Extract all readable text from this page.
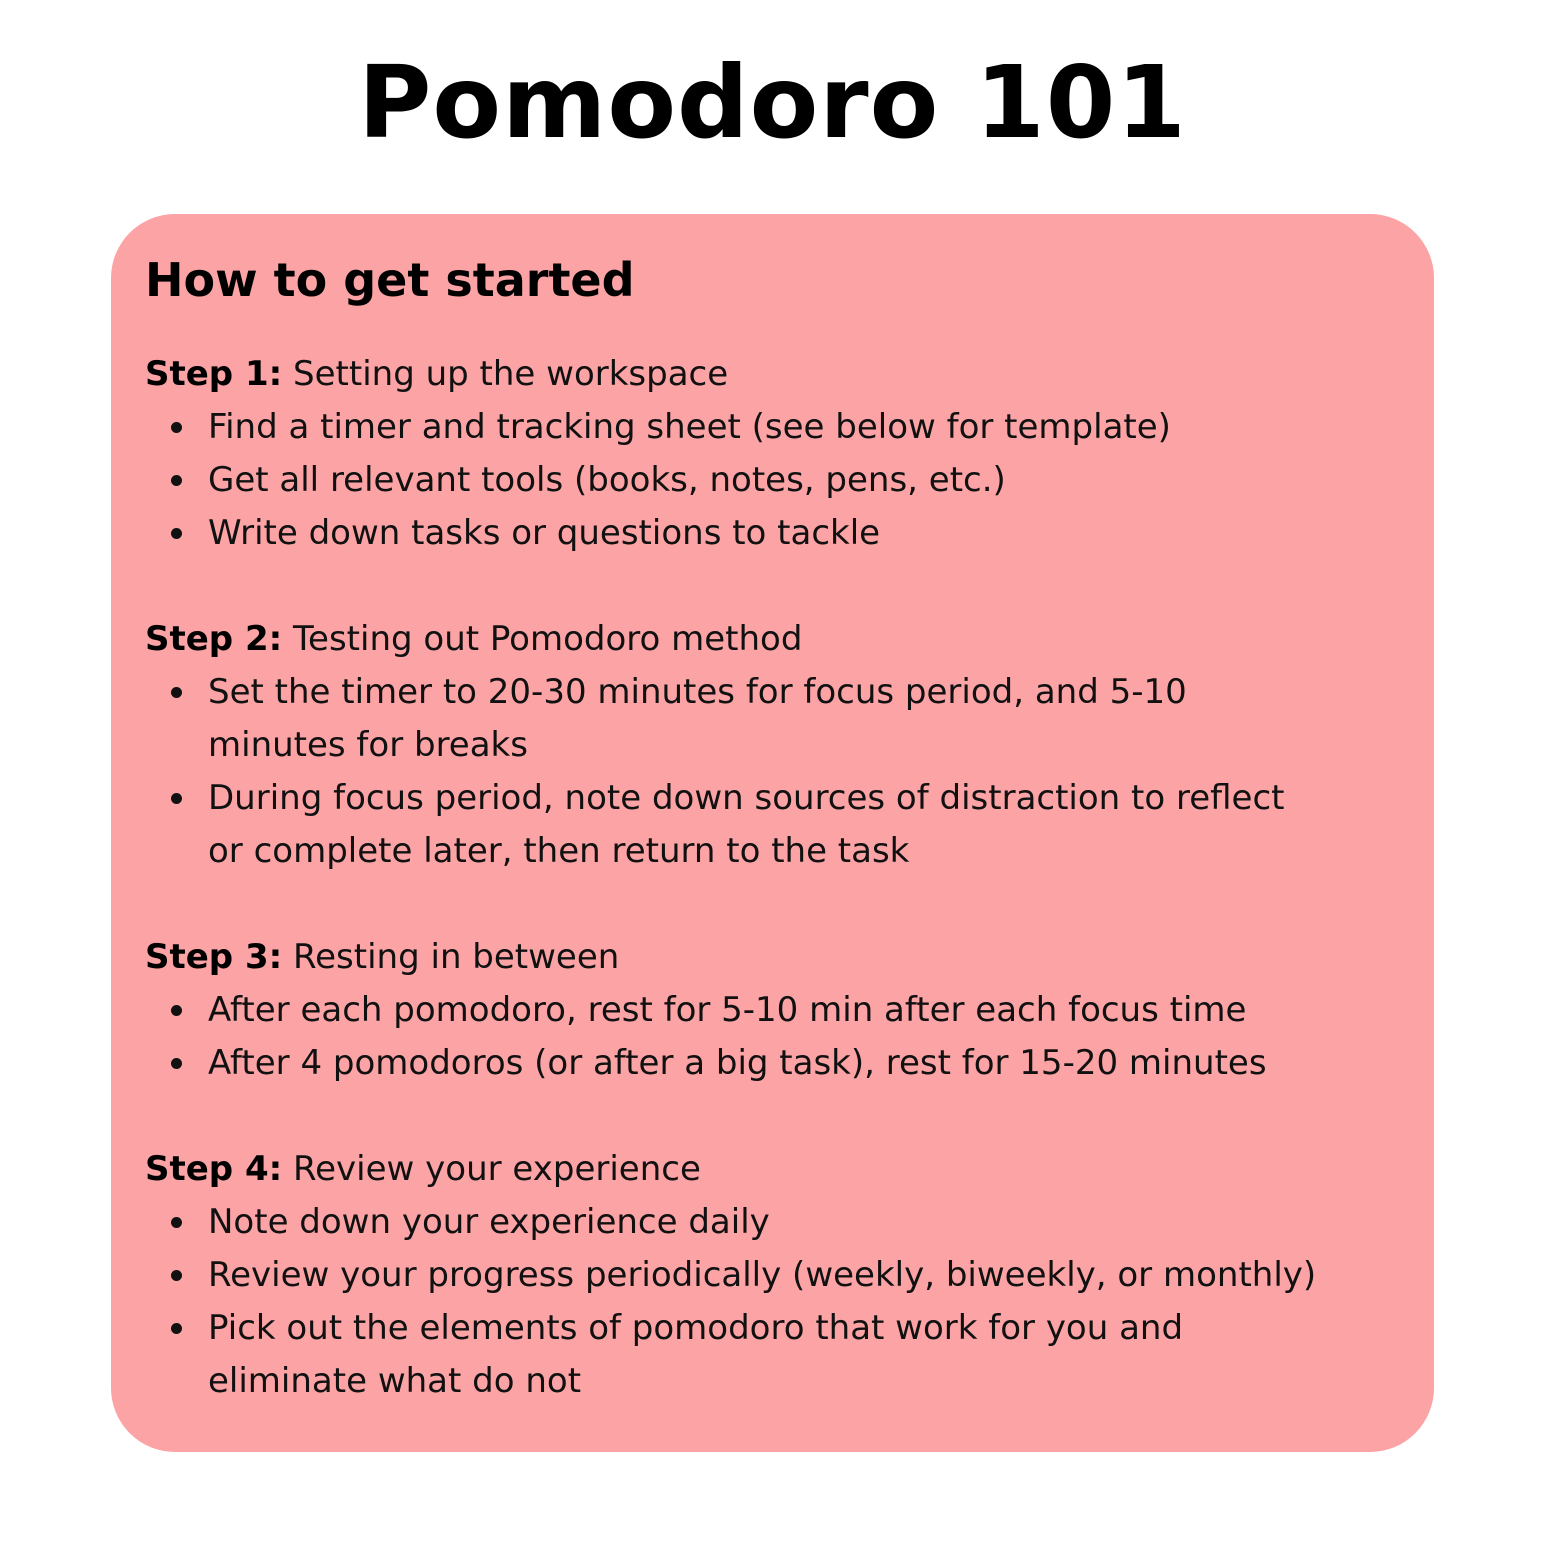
Pomodoro 101
How to get started

Step 1: Setting up the workspace

Find a timer and tracking sheet (see below for template)
Get all relevant tools (books, notes, pens, etc.)
Write down tasks or questions to tackle

Step 2: Testing out Pomodoro method

Set the timer to 20-30 minutes for focus period, and 5-10
minutes for breaks
During focus period, note down sources of distraction to reflect
or complete later, then return to the task

Step 3: Resting in between

After each pomodoro, rest for 5-10 min after each focus time
After 4 pomodoros (or after a big task), rest for 15-20 minutes

Step 4: Review your experience

Note down your experience daily
Review your progress periodically (weekly, biweekly, or monthly)
Pick out the elements of pomodoro that work for you and
eliminate what do not
